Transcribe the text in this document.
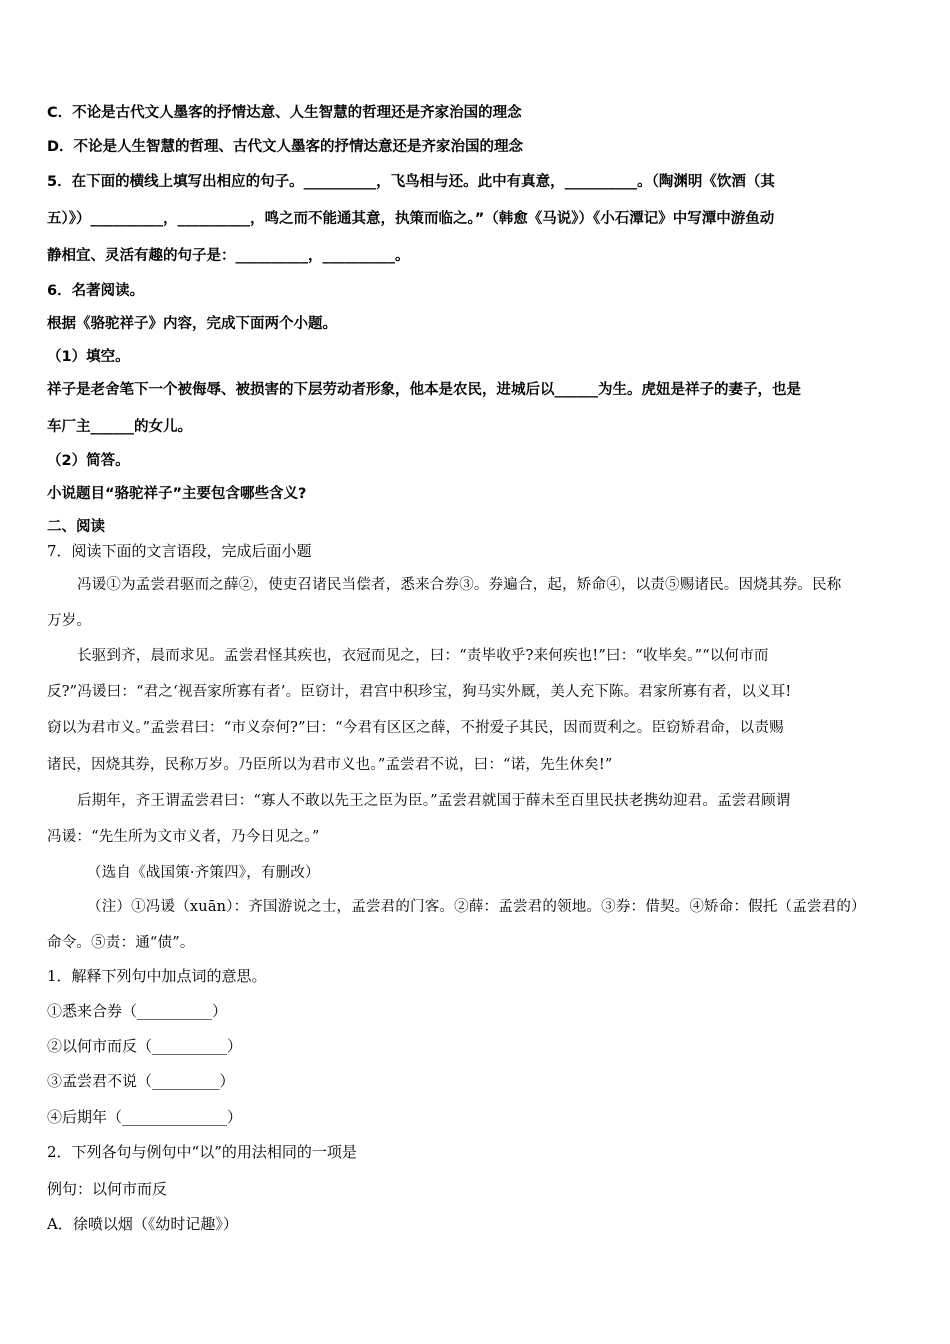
C．不论是古代文人墨客的抒情达意、人生智慧的哲理还是齐家治国的理念
D．不论是人生智慧的哲理、古代文人墨客的抒情达意还是齐家治国的理念
5．在下面的横线上填写出相应的句子。__________，飞鸟相与还。此中有真意，__________。（陶渊明《饮酒（其
五）》）__________，__________，鸣之而不能通其意，执策而临之。”（韩愈《马说》）《小石潭记》中写潭中游鱼动
静相宜、灵活有趣的句子是：__________，__________。
6．名著阅读。
根据《骆驼祥子》内容，完成下面两个小题。
（1）填空。
祥子是老舍笔下一个被侮辱、被损害的下层劳动者形象，他本是农民，进城后以______为生。虎妞是祥子的妻子，也是
车厂主______的女儿。
（2）简答。
小说题目“骆驼祥子”主要包含哪些含义?
二、阅读
7．阅读下面的文言语段，完成后面小题
冯谖①为孟尝君驱而之薛②，使吏召诸民当偿者，悉来合券③。券遍合，起，矫命④，以责⑤赐诸民。因烧其券。民称
万岁。
长驱到齐，晨而求见。孟尝君怪其疾也，衣冠而见之，曰：“责毕收乎?来何疾也!”曰：“收毕矣。”“以何市而
反?”冯谖曰：“君之‘视吾家所寡有者’。臣窃计，君宫中积珍宝，狗马实外厩，美人充下陈。君家所寡有者，以义耳!
窃以为君市义。”孟尝君曰：“市义奈何?”曰：“今君有区区之薛，不拊爱子其民，因而贾利之。臣窃矫君命，以责赐
诸民，因烧其券，民称万岁。乃臣所以为君市义也。”孟尝君不说，曰：“诺，先生休矣!”
后期年，齐王谓孟尝君曰：“寡人不敢以先王之臣为臣。”孟尝君就国于薛未至百里民扶老携幼迎君。孟尝君顾谓
冯谖：“先生所为文市义者，乃今日见之。”
（选自《战国策·齐策四》，有删改）
（注）①冯谖（xuān）：齐国游说之士，孟尝君的门客。②薛：孟尝君的领地。③券：借契。④矫命：假托（孟尝君的）
命令。⑤责：通“债”。
1．解释下列句中加点词的意思。
①悉来合券（__________）
②以何市而反（__________）
③孟尝君不说（_________）
④后期年（______________）
2．下列各句与例句中“以”的用法相同的一项是
例句：以何市而反
A．徐喷以烟（《幼时记趣》）
